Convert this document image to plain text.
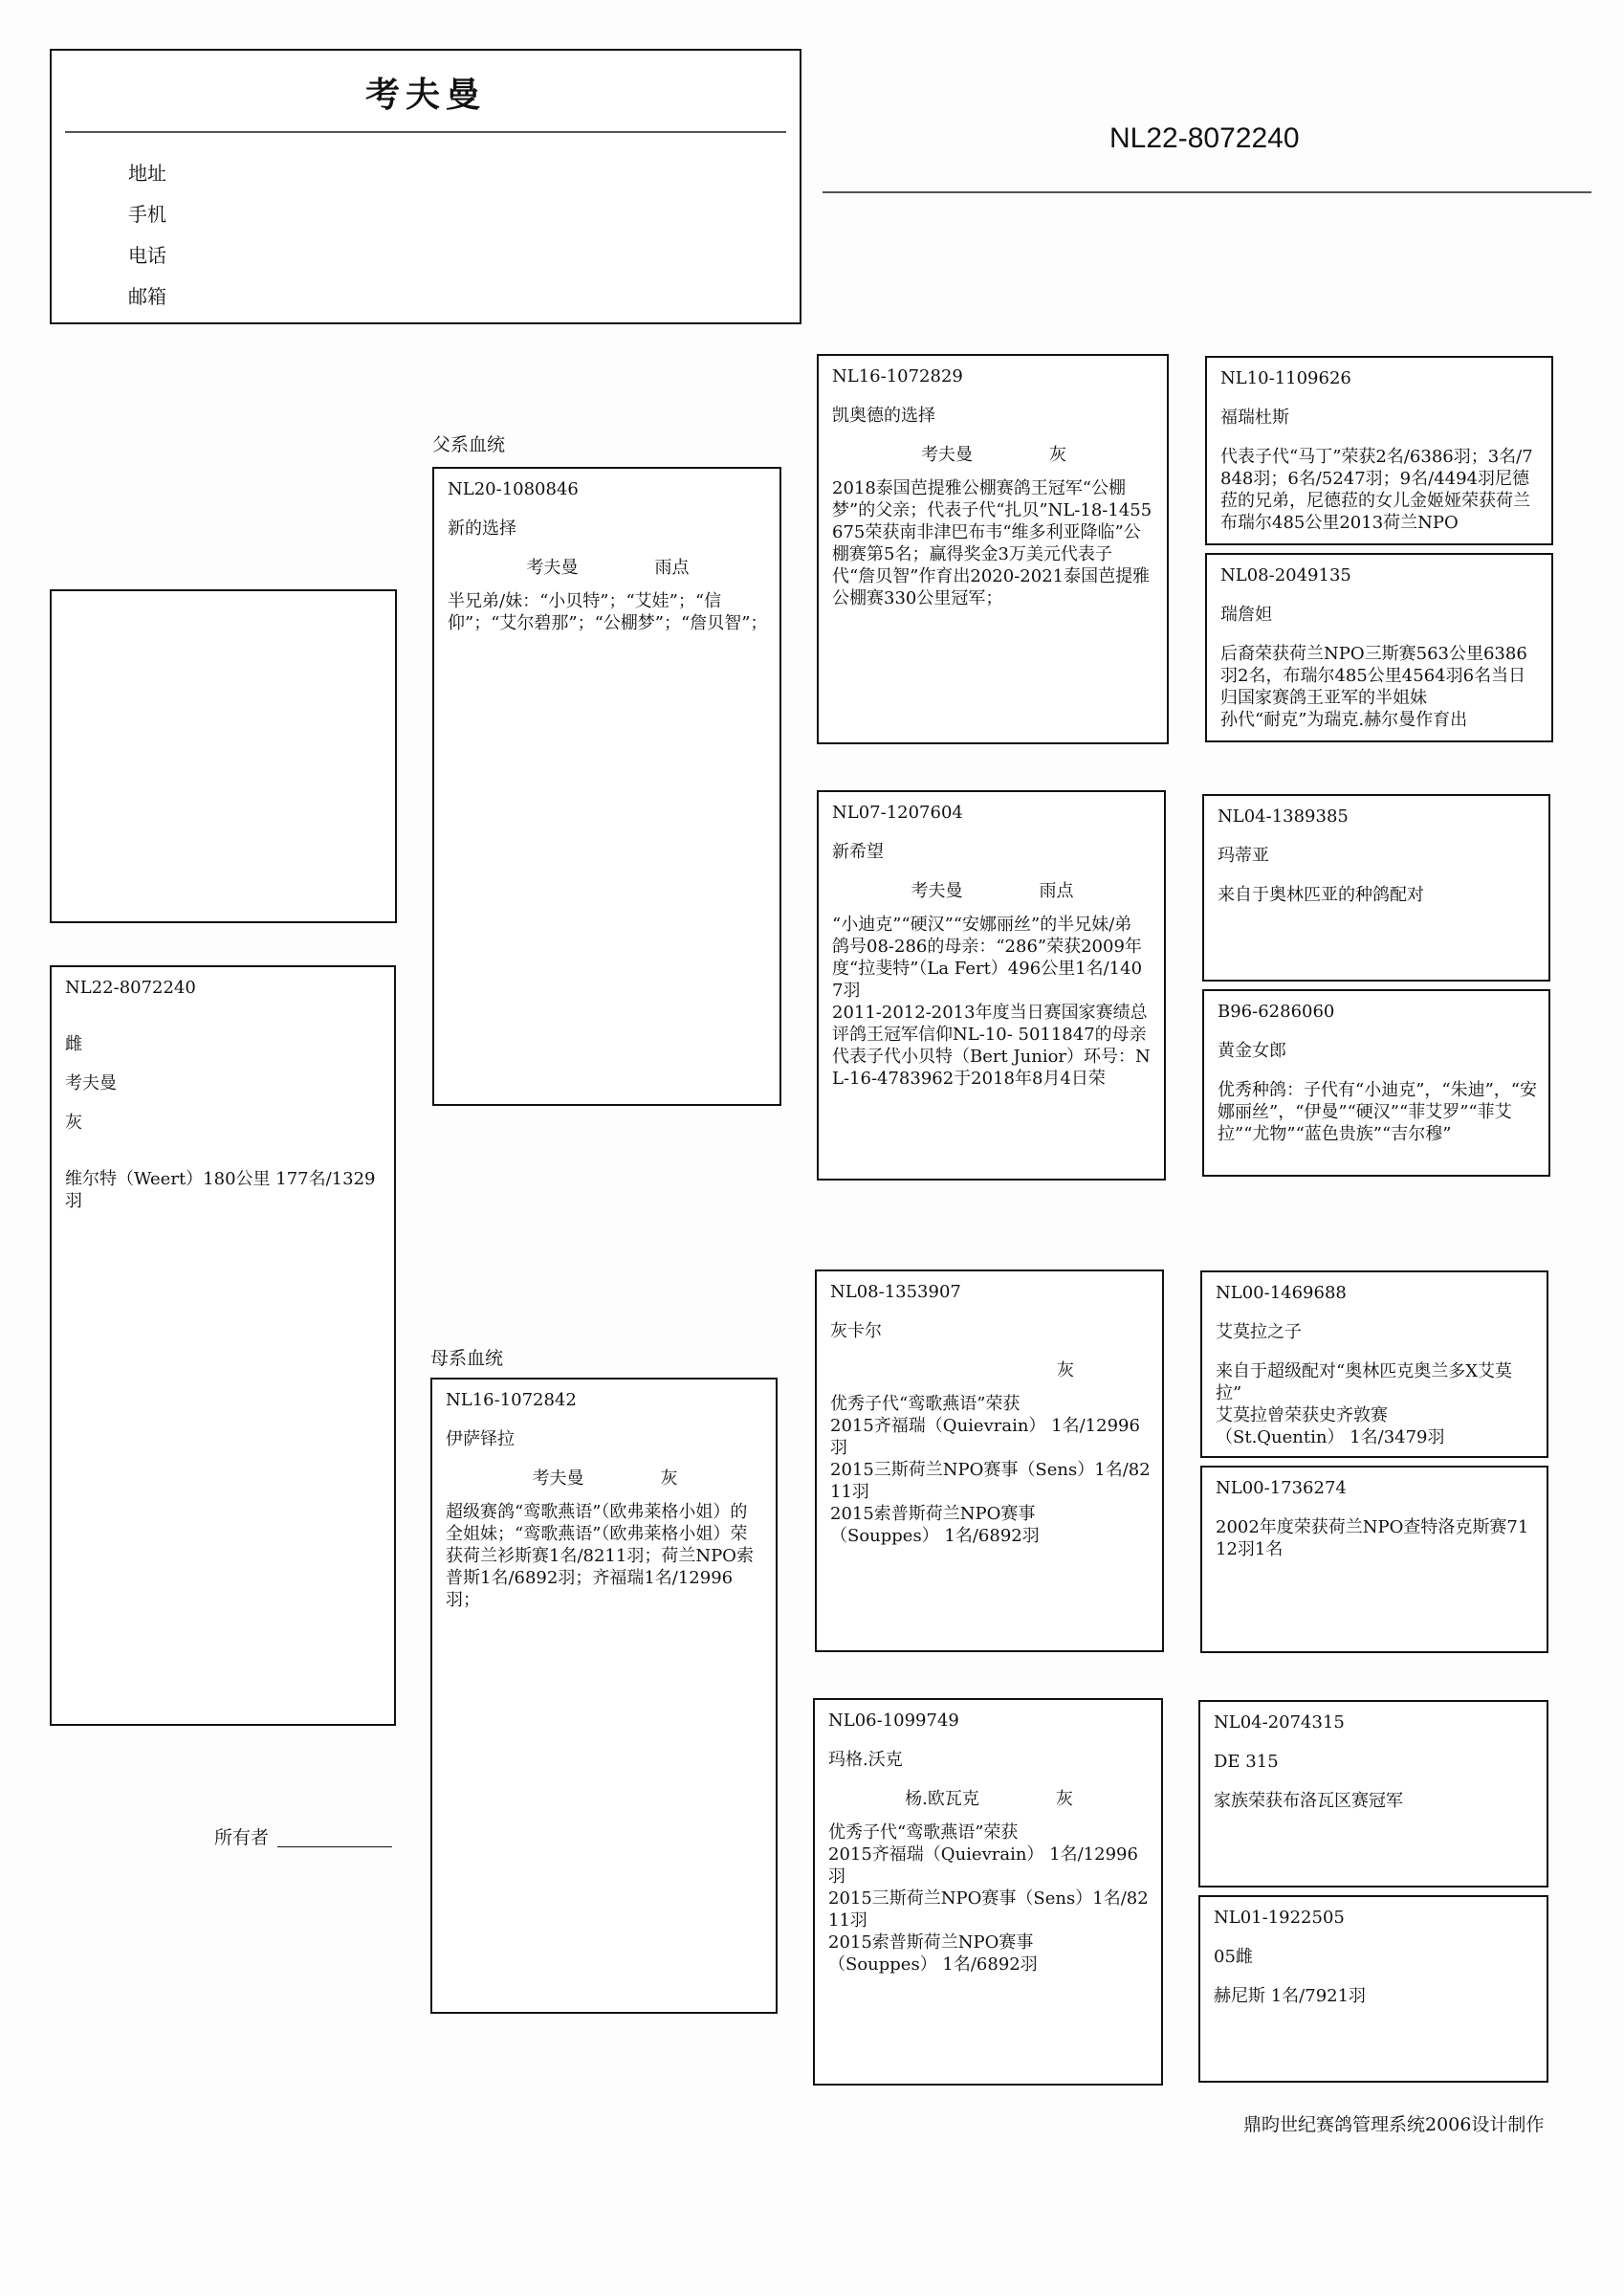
考夫曼
地址
手机
电话
邮箱
NL22-8072240
NL22-8072240
雌
考夫曼
灰
维尔特（Weert）180公里 177名/1329羽
父系血统
母系血统
NL20-1080846
新的选择
考夫曼	雨点
半兄弟/妹：“小贝特”；“艾娃”；“信仰”；“艾尔碧那”；“公棚梦”；“詹贝智”；
NL16-1072842
伊萨铎拉
考夫曼	灰
超级赛鸽“鸾歌燕语”（欧弗莱格小姐）的全姐妹；“鸾歌燕语”（欧弗莱格小姐）荣获荷兰衫斯赛1名/8211羽；荷兰NPO索普斯1名/6892羽；齐福瑞1名/12996羽；
NL16-1072829
凯奥德的选择
考夫曼	灰
2018泰国芭提雅公棚赛鸽王冠军“公棚梦”的父亲；代表子代“扎贝”NL-18-1455675荣获南非津巴布韦“维多利亚降临”公棚赛第5名；赢得奖金3万美元代表子代“詹贝智”作育出2020-2021泰国芭提雅公棚赛330公里冠军；
NL07-1207604
新希望
考夫曼	雨点
“小迪克”“硬汉”“安娜丽丝”的半兄妹/弟
鸽号08-286的母亲：“286”荣获2009年度“拉斐特”（La Fert）496公里1名/1407羽
2011-2012-2013年度当日赛国家赛绩总评鸽王冠军信仰NL-10- 5011847的母亲
代表子代小贝特（Bert Junior）环号：NL-16-4783962于2018年8月4日荣
NL08-1353907
灰卡尔
灰
优秀子代“鸾歌燕语”荣获
2015齐福瑞（Quievrain） 1名/12996羽
2015三斯荷兰NPO赛事（Sens）1名/8211羽
2015索普斯荷兰NPO赛事
（Souppes） 1名/6892羽
NL06-1099749
玛格.沃克
杨.欧瓦克	灰
优秀子代“鸾歌燕语”荣获
2015齐福瑞（Quievrain） 1名/12996羽
2015三斯荷兰NPO赛事（Sens）1名/8211羽
2015索普斯荷兰NPO赛事
（Souppes） 1名/6892羽
NL10-1109626
福瑞杜斯
代表子代“马丁”荣获2名/6386羽；3名/7848羽；6名/5247羽；9名/4494羽尼德菈的兄弟，尼德菈的女儿金姬娅荣获荷兰布瑞尔485公里2013荷兰NPO
NL08-2049135
瑞詹妲
后裔荣获荷兰NPO三斯赛563公里6386羽2名，布瑞尔485公里4564羽6名当日归国家赛鸽王亚军的半姐妹
孙代“耐克”为瑞克.赫尔曼作育出
NL04-1389385
玛蒂亚
来自于奥林匹亚的种鸽配对
B96-6286060
黄金女郎
优秀种鸽：子代有“小迪克”，“朱迪”，“安娜丽丝”，“伊曼”“硬汉”“菲艾罗”“菲艾拉”“尤物”“蓝色贵族”“吉尔穆”
NL00-1469688
艾莫拉之子
来自于超级配对“奥林匹克奥兰多X艾莫拉”
艾莫拉曾荣获史齐敦赛
（St.Quentin） 1名/3479羽
NL00-1736274
2002年度荣获荷兰NPO查特洛克斯赛7112羽1名
NL04-2074315
DE 315
家族荣获布洛瓦区赛冠军
NL01-1922505
05雌
赫尼斯 1名/7921羽
所有者
鼎昀世纪赛鸽管理系统2006设计制作
